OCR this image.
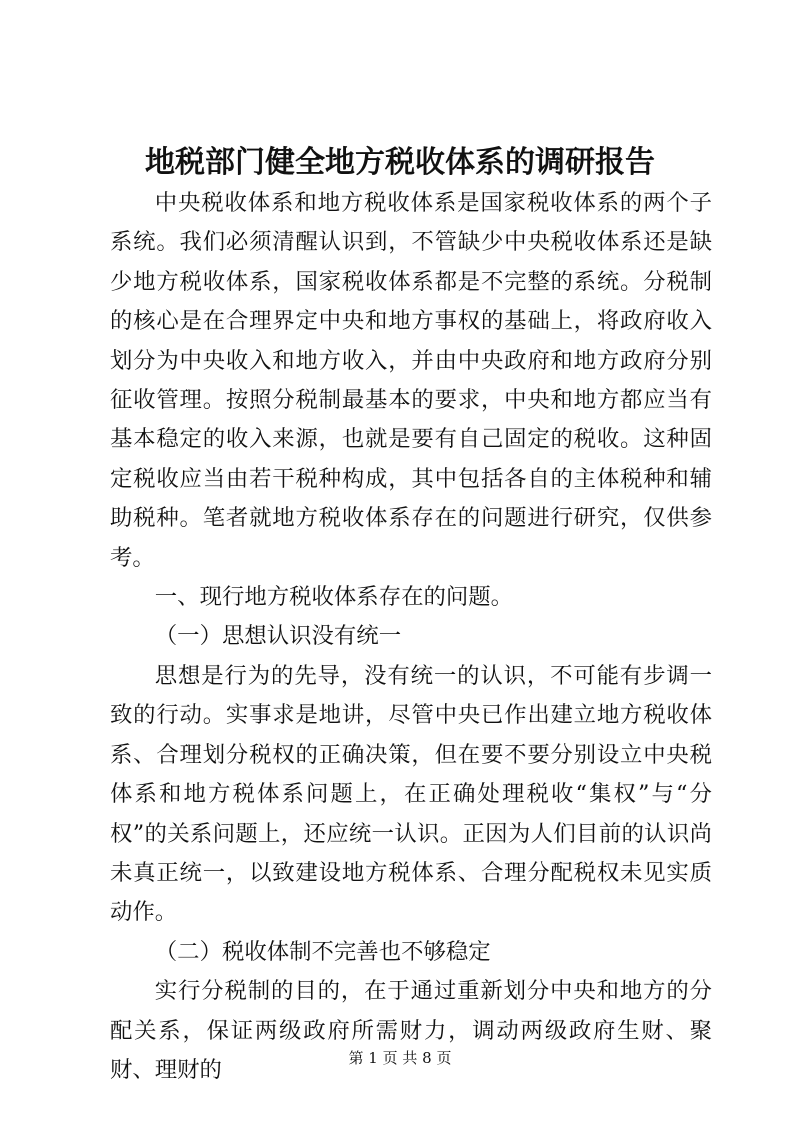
地税部门健全地方税收体系的调研报告

中央税收体系和地方税收体系是国家税收体系的两个子系统。我们必须清醒认识到，不管缺少中央税收体系还是缺少地方税收体系，国家税收体系都是不完整的系统。分税制的核心是在合理界定中央和地方事权的基础上，将政府收入划分为中央收入和地方收入，并由中央政府和地方政府分别征收管理。按照分税制最基本的要求，中央和地方都应当有基本稳定的收入来源，也就是要有自己固定的税收。这种固定税收应当由若干税种构成，其中包括各自的主体税种和辅助税种。笔者就地方税收体系存在的问题进行研究，仅供参考。

一、现行地方税收体系存在的问题。

（一）思想认识没有统一

思想是行为的先导，没有统一的认识，不可能有步调一致的行动。实事求是地讲，尽管中央已作出建立地方税收体系、合理划分税权的正确决策，但在要不要分别设立中央税体系和地方税体系问题上，在正确处理税收“集权”与“分权”的关系问题上，还应统一认识。正因为人们目前的认识尚未真正统一，以致建设地方税体系、合理分配税权未见实质动作。

（二）税收体制不完善也不够稳定

实行分税制的目的，在于通过重新划分中央和地方的分配关系，保证两级政府所需财力，调动两级政府生财、聚财、理财的	第 1 页 共 8 页
